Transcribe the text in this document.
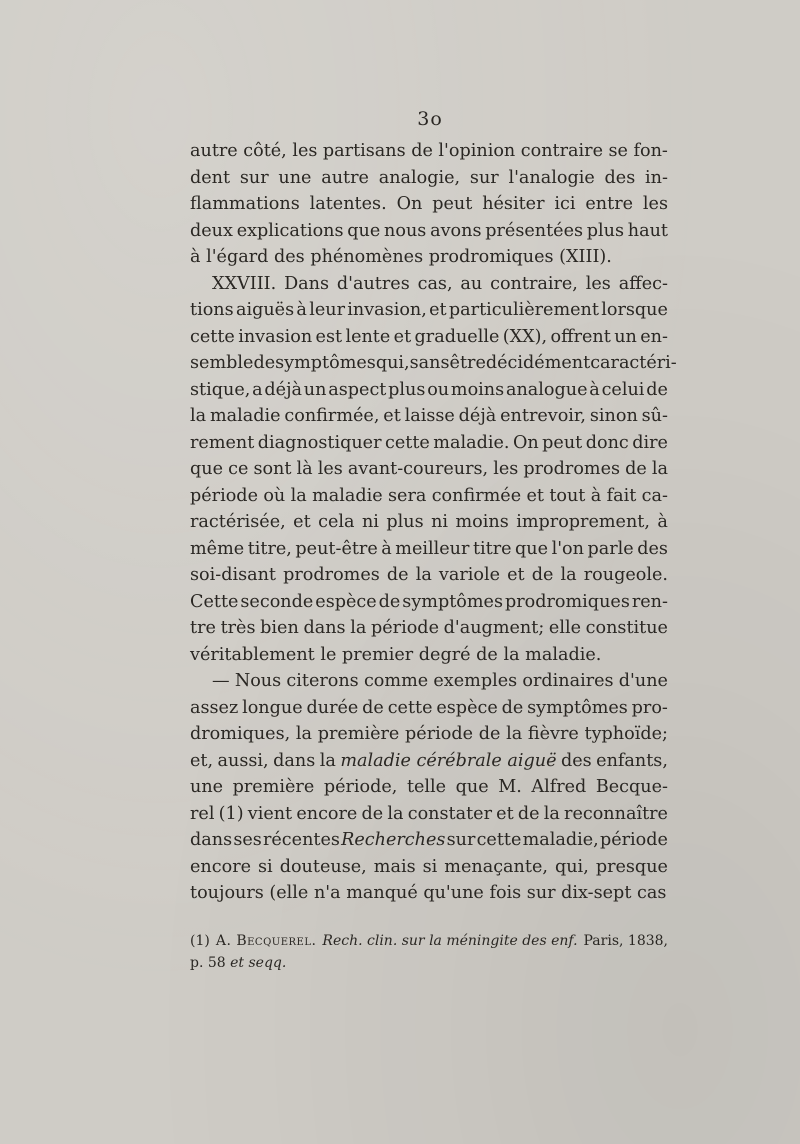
3o
autre côté, les partisans de l'opinion contraire se fon-
dent sur une autre analogie, sur l'analogie des in-
flammations latentes. On peut hésiter ici entre les
deux explications que nous avons présentées plus haut
à
l'égard
des
phénomènes
prodromiques
(XIII).
XXVIII. Dans d'autres cas, au contraire, les affec-
tions aiguës à leur invasion, et particulièrement lorsque
cette invasion est lente et graduelle (XX), offrent un en-
semble de symptômes qui, sans être décidément caractéri-
stique, a déjà un aspect plus ou moins analogue à celui de
la maladie confirmée, et laisse déjà entrevoir, sinon sû-
rement diagnostiquer cette maladie. On peut donc dire
que ce sont là les avant-coureurs, les prodromes de la
période où la maladie sera confirmée et tout à fait ca-
ractérisée, et cela ni plus ni moins improprement, à
même titre, peut-être à meilleur titre que l'on parle des
soi-disant prodromes de la variole et de la rougeole.
Cette seconde espèce de symptômes prodromiques ren-
tre très bien dans la période d'augment; elle constitue
véritablement
le
premier
degré
de
la
maladie.
— Nous citerons comme exemples ordinaires d'une
assez longue durée de cette espèce de symptômes pro-
dromiques, la première période de la fièvre typhoïde;
et, aussi, dans la maladie cérébrale aiguë des enfants,
une première période, telle que M. Alfred Becque-
rel (1) vient encore de la constater et de la reconnaître
dans ses récentes Recherches sur cette maladie, période
encore si douteuse, mais si menaçante, qui, presque
toujours
(elle
n'a
manqué
qu'une
fois
sur
dix-sept
cas
(1) A. Becquerel. Rech. clin. sur la méningite des enf. Paris, 1838,
p. 58
et seqq.
